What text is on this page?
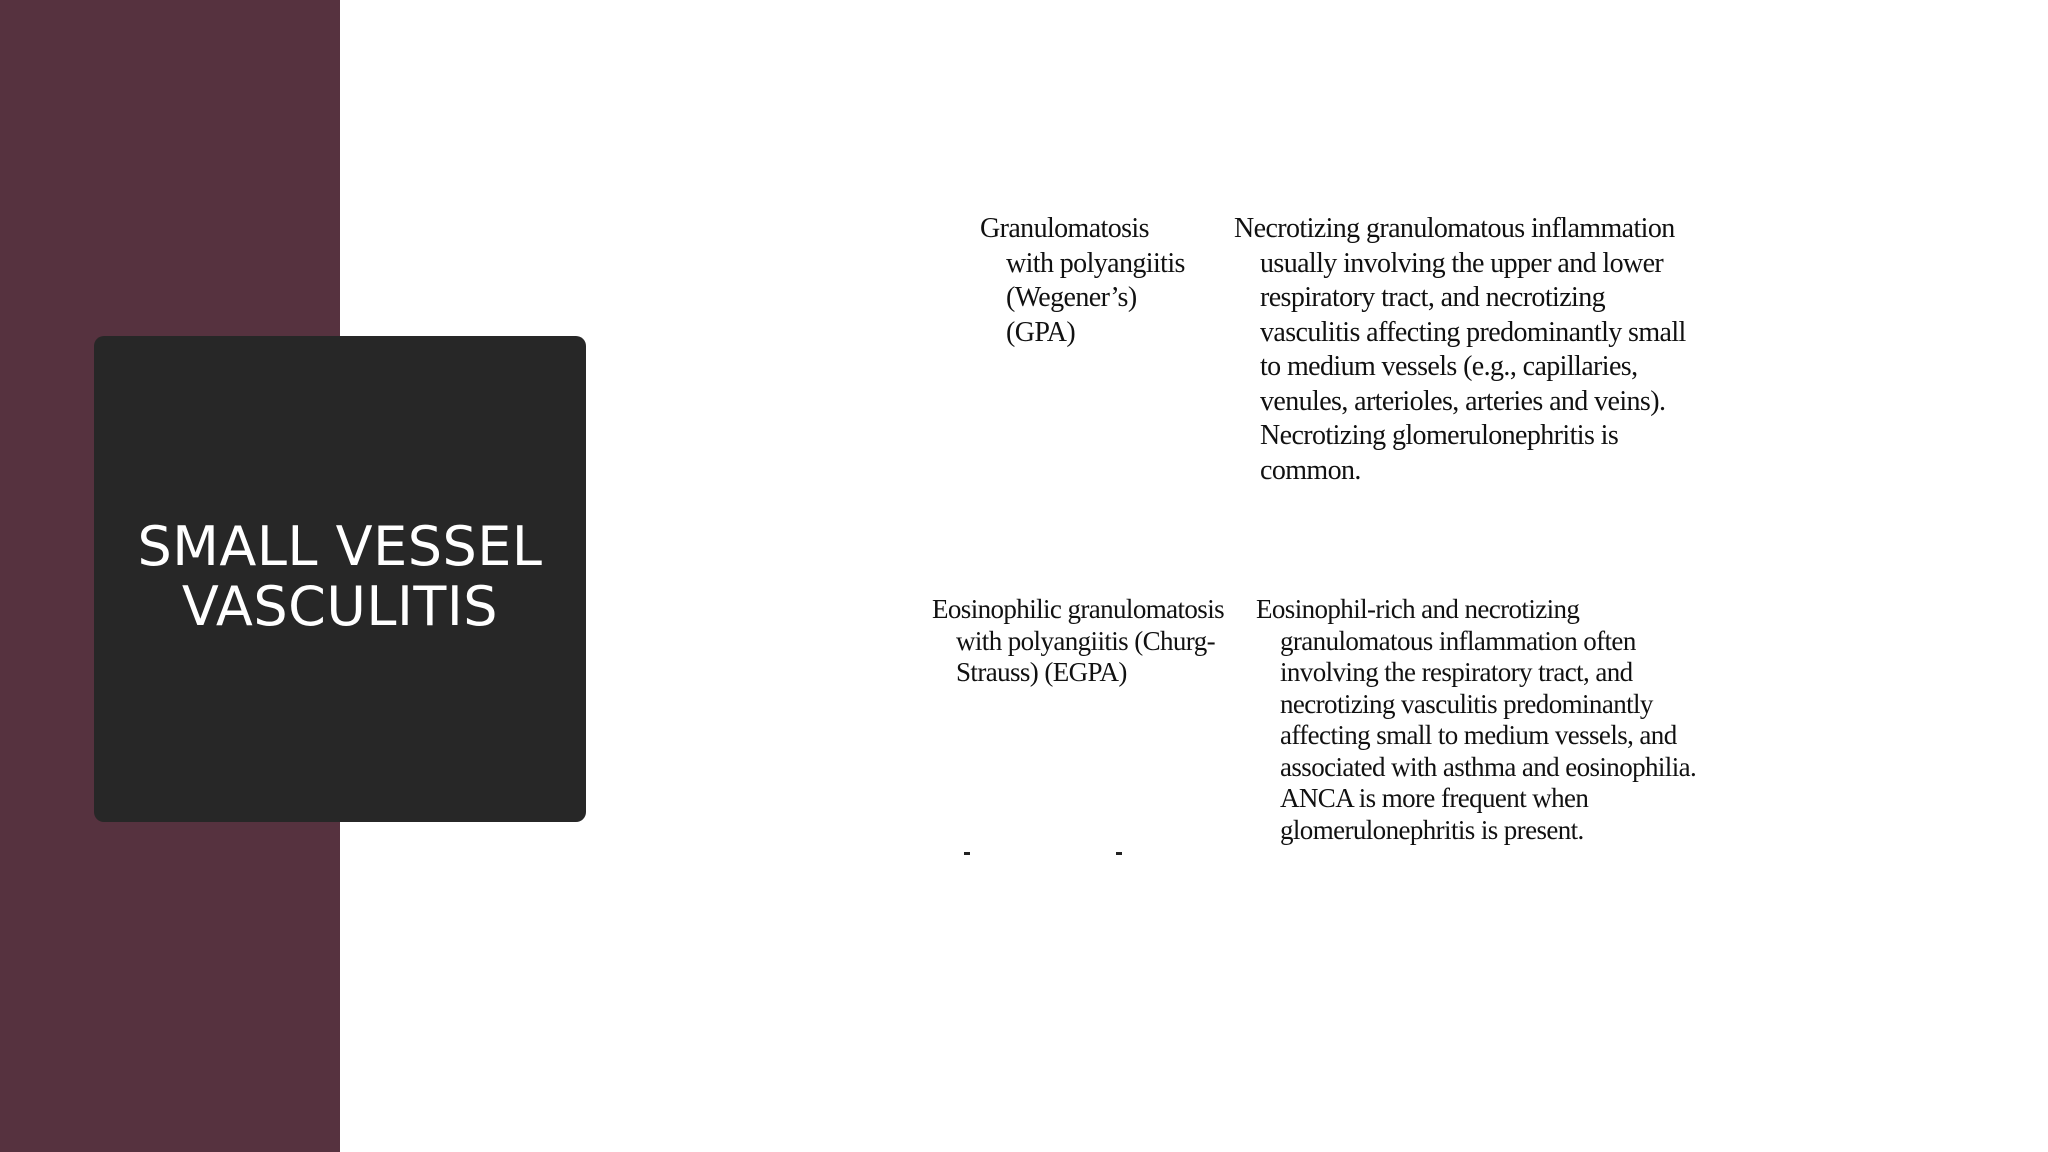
SMALL VESSEL
VASCULITIS
Granulomatosis
with polyangiitis
(Wegener’s)
(GPA)
Necrotizing granulomatous inflammation
usually involving the upper and lower
respiratory tract, and necrotizing
vasculitis affecting predominantly small
to medium vessels (e.g., capillaries,
venules, arterioles, arteries and veins).
Necrotizing glomerulonephritis is
common.
Eosinophilic granulomatosis
with polyangiitis (Churg-
Strauss) (EGPA)
Eosinophil-rich and necrotizing
granulomatous inflammation often
involving the respiratory tract, and
necrotizing vasculitis predominantly
affecting small to medium vessels, and
associated with asthma and eosinophilia.
ANCA is more frequent when
glomerulonephritis is present.
